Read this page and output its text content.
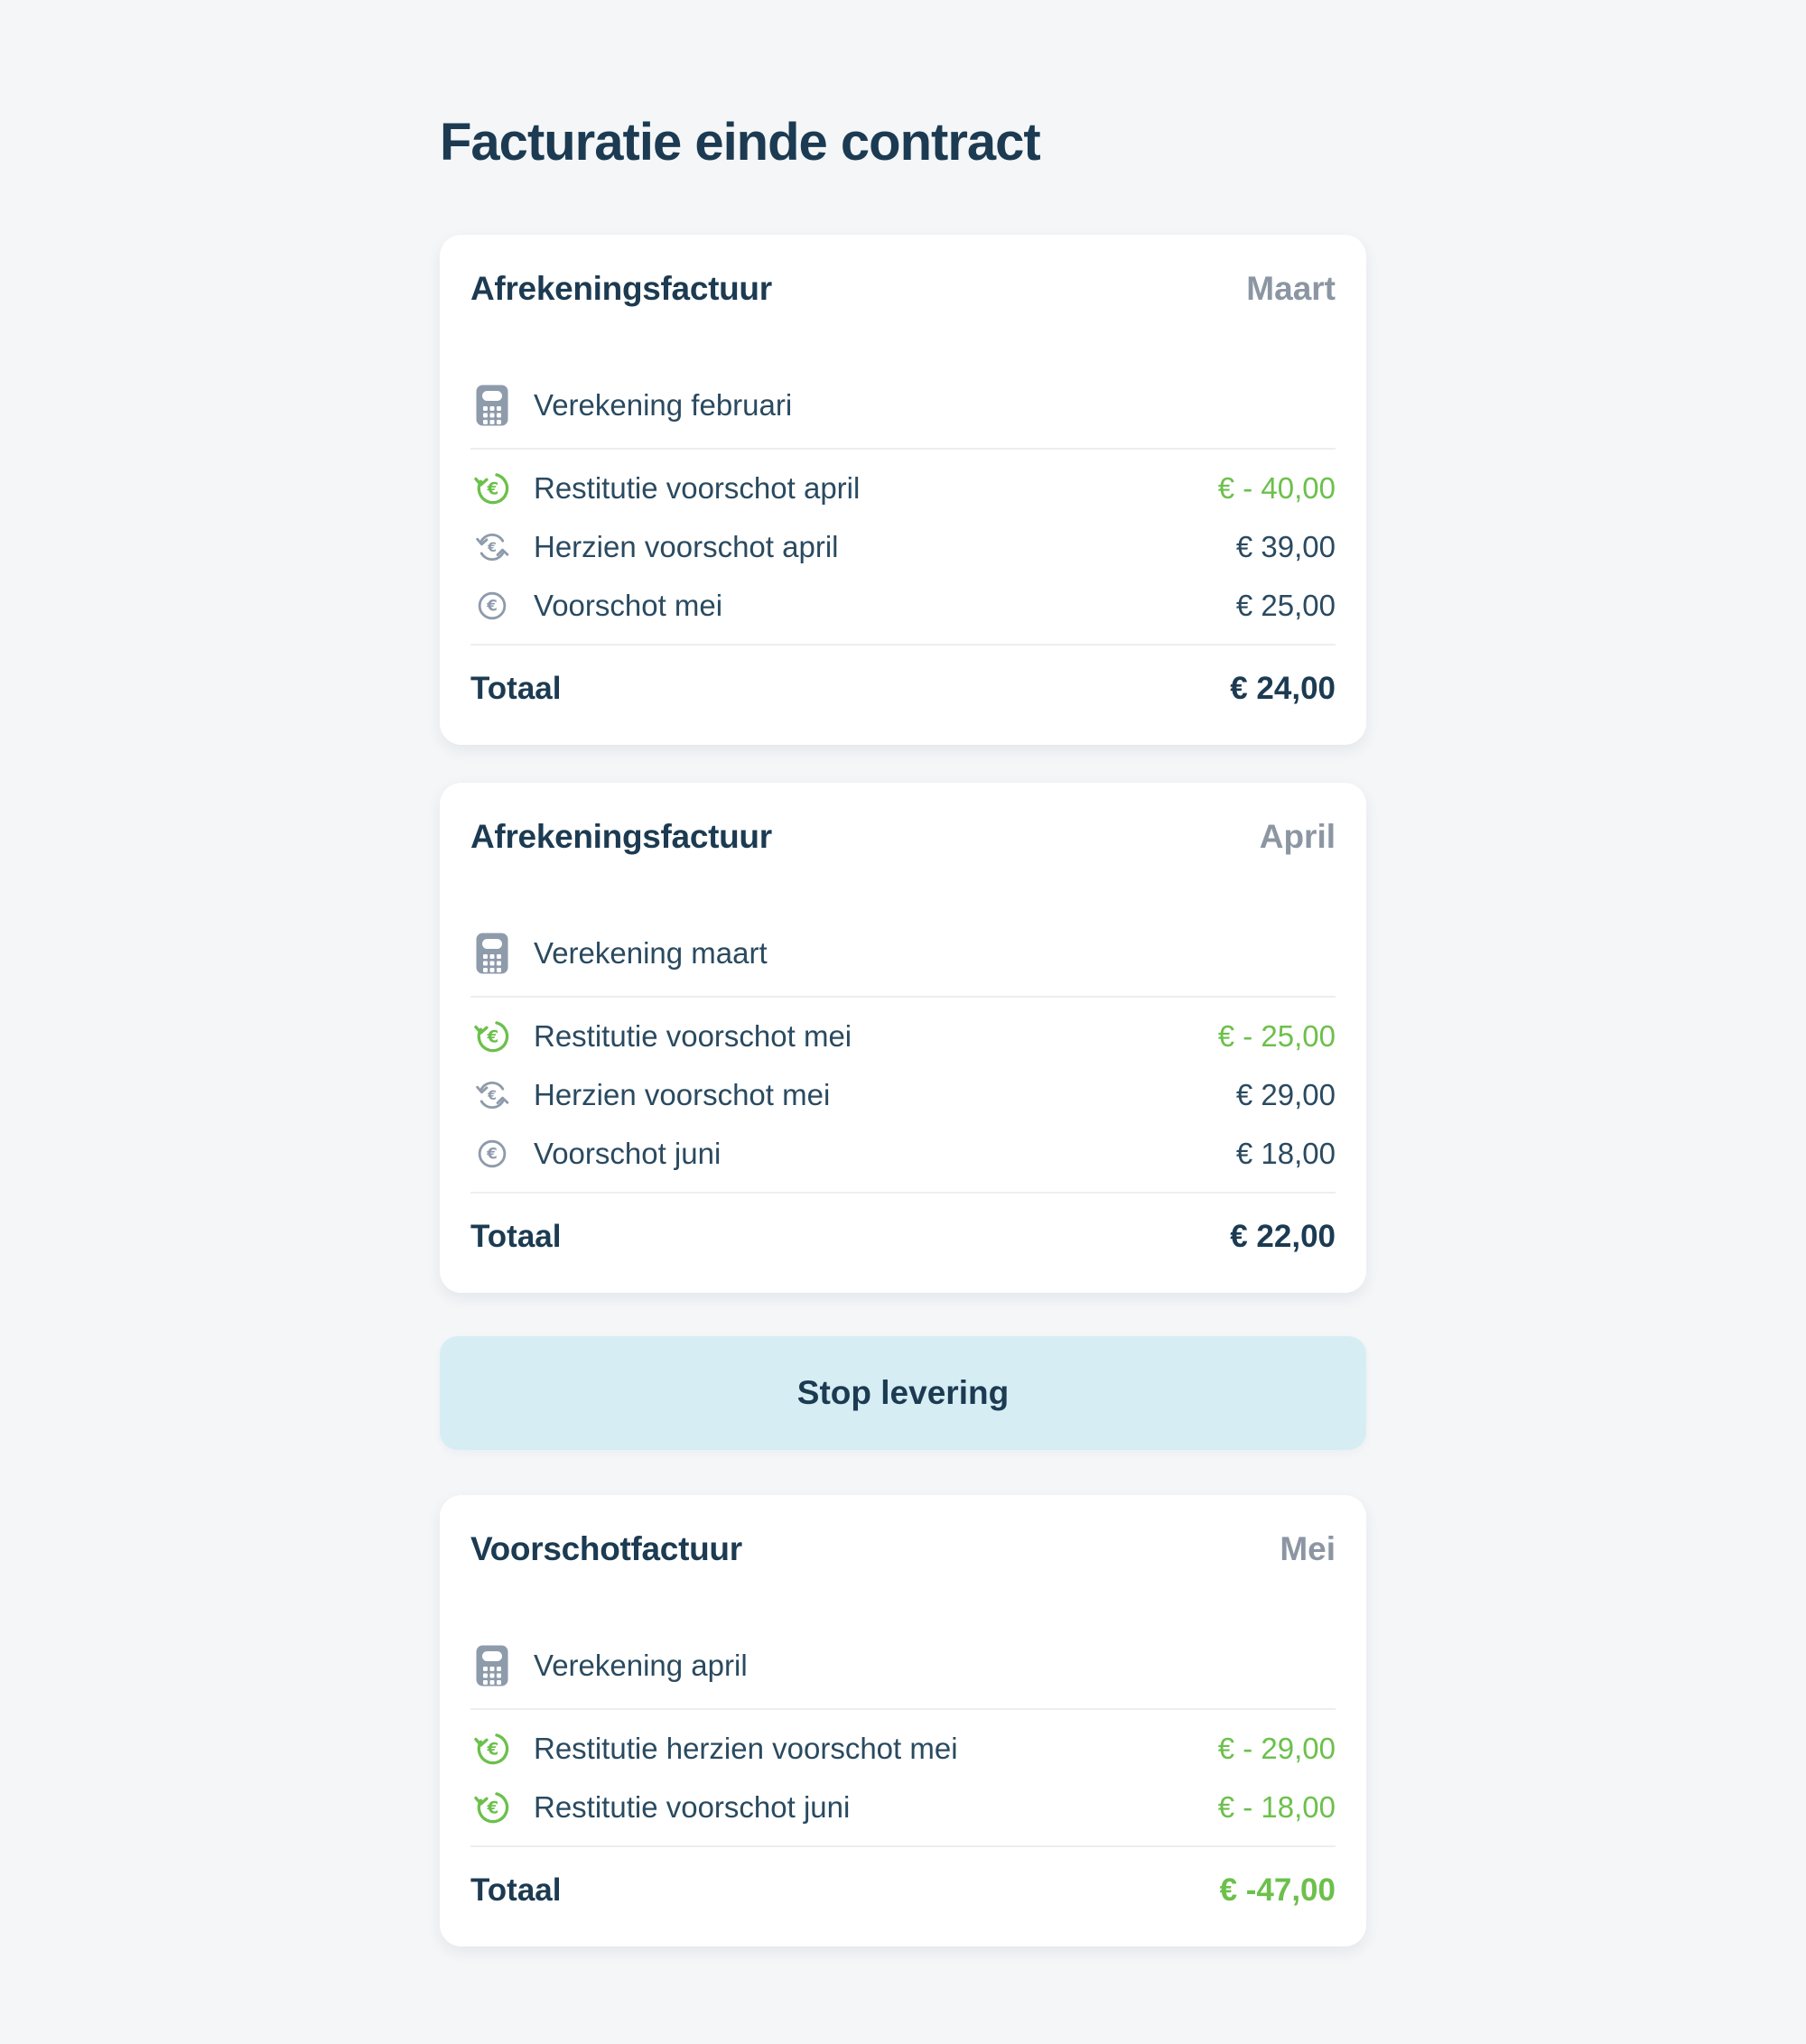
Facturatie einde contract
Afrekeningsfactuur	Maart
Verekening februari
Restitutie voorschot april	€ - 40,00
Herzien voorschot april	€ 39,00
Voorschot mei	€ 25,00
Totaal	€ 24,00
Afrekeningsfactuur	April
Verekening maart
Restitutie voorschot mei	€ - 25,00
Herzien voorschot mei	€ 29,00
Voorschot juni	€ 18,00
Totaal	€ 22,00
Stop levering
Voorschotfactuur	Mei
Verekening april
Restitutie herzien voorschot mei	€ - 29,00
Restitutie voorschot juni	€ - 18,00
Totaal	€ -47,00
